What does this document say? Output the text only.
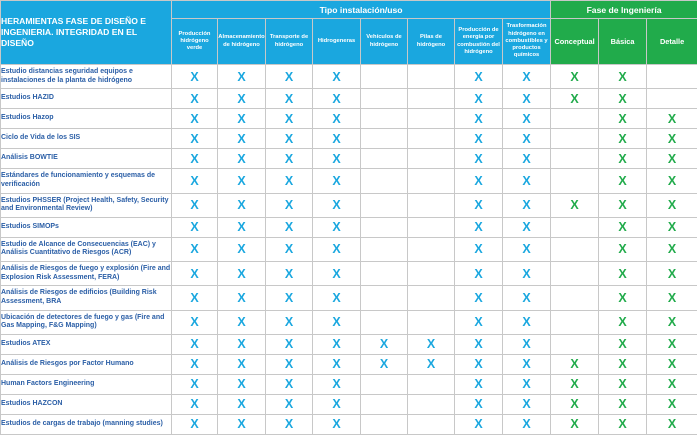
HERAMIENTAS FASE DE DISEÑO E INGENIERIA. INTEGRIDAD EN EL DISEÑO	Tipo instalación/uso								Fase de Ingeniería		
	Producción hidrógeno verde	Almacenamiento de hidrógeno	Transporte de hidrógeno	Hidrogeneras	Vehículos de hidrógeno	Pilas de hidrógeno	Producción de energía por combustión del hidrógeno	Trasformación hidrógeno en combustibles y productos químicos	Conceptual	Básica	Detalle
Estudio distancias seguridad equipos e instalaciones de la planta de hidrógeno	X	X	X	X			X	X	X	X	
Estudios HAZID	X	X	X	X			X	X	X	X	
Estudios Hazop	X	X	X	X			X	X		X	X
Ciclo de Vida de los SIS	X	X	X	X			X	X		X	X
Análisis BOWTIE	X	X	X	X			X	X		X	X
Estándares de funcionamiento y esquemas de verificación	X	X	X	X			X	X		X	X
Estudios PHSSER (Project Health, Safety, Security and Environmental Review)	X	X	X	X			X	X	X	X	X
Estudios SIMOPs	X	X	X	X			X	X		X	X
Estudio de Alcance de Consecuencias (EAC) y Análisis Cuantitativo de Riesgos (ACR)	X	X	X	X			X	X		X	X
Análisis de Riesgos de fuego y explosión (Fire and Explosion Risk Assessment, FERA)	X	X	X	X			X	X		X	X
Análisis de Riesgos de edificios (Building Risk Assessment, BRA	X	X	X	X			X	X		X	X
Ubicación de detectores de fuego y gas (Fire and Gas Mapping, F&G Mapping)	X	X	X	X			X	X		X	X
Estudios ATEX	X	X	X	X	X	X	X	X		X	X
Análisis de Riesgos por Factor Humano	X	X	X	X	X	X	X	X	X	X	X
Human Factors Engineering	X	X	X	X			X	X	X	X	X
Estudios HAZCON	X	X	X	X			X	X	X	X	X
Estudios de cargas de trabajo (manning studies)	X	X	X	X			X	X	X	X	X
